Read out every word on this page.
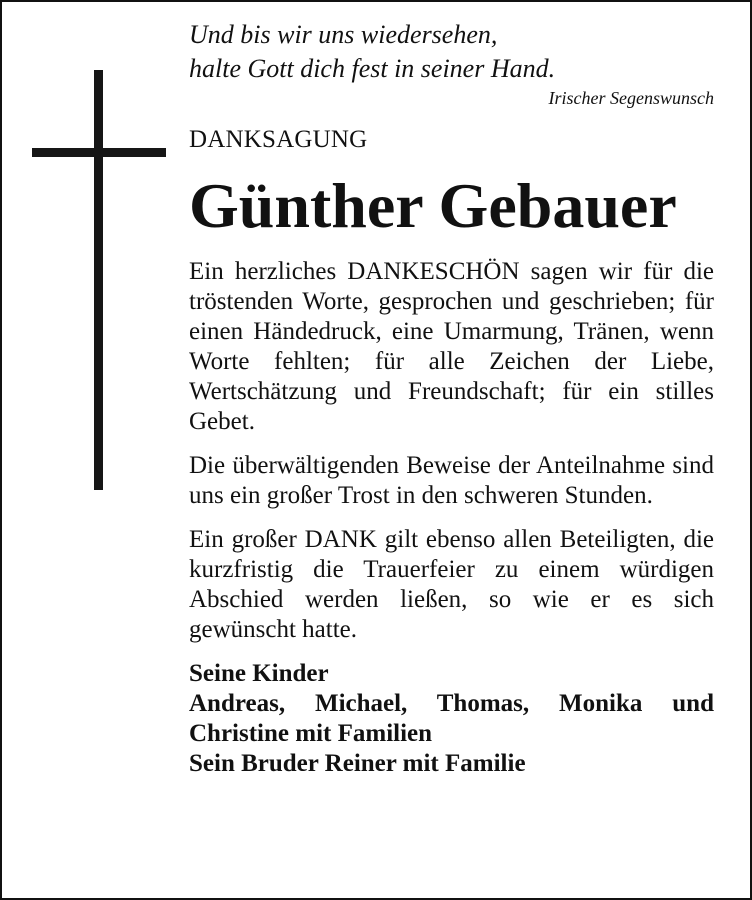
Und bis wir uns wiedersehen,
halte Gott dich fest in seiner Hand.
Irischer Segenswunsch
DANKSAGUNG
Günther Gebauer

Ein herzliches DANKESCHÖN sagen wir für die tröstenden Worte, gesprochen und geschrieben; für einen Händedruck, eine Umarmung, Tränen, wenn Worte fehlten; für alle Zeichen der Liebe, Wertschätzung und Freundschaft; für ein stilles Gebet.

Die überwältigenden Beweise der Anteilnahme sind uns ein großer Trost in den schweren Stunden.

Ein großer DANK gilt ebenso allen Beteiligten, die kurzfristig die Trauerfeier zu einem würdigen Abschied werden ließen, so wie er es sich gewünscht hatte.

Seine Kinder
Andreas, Michael, Thomas, Monika und
Christine mit Familien
Sein Bruder Reiner mit Familie
